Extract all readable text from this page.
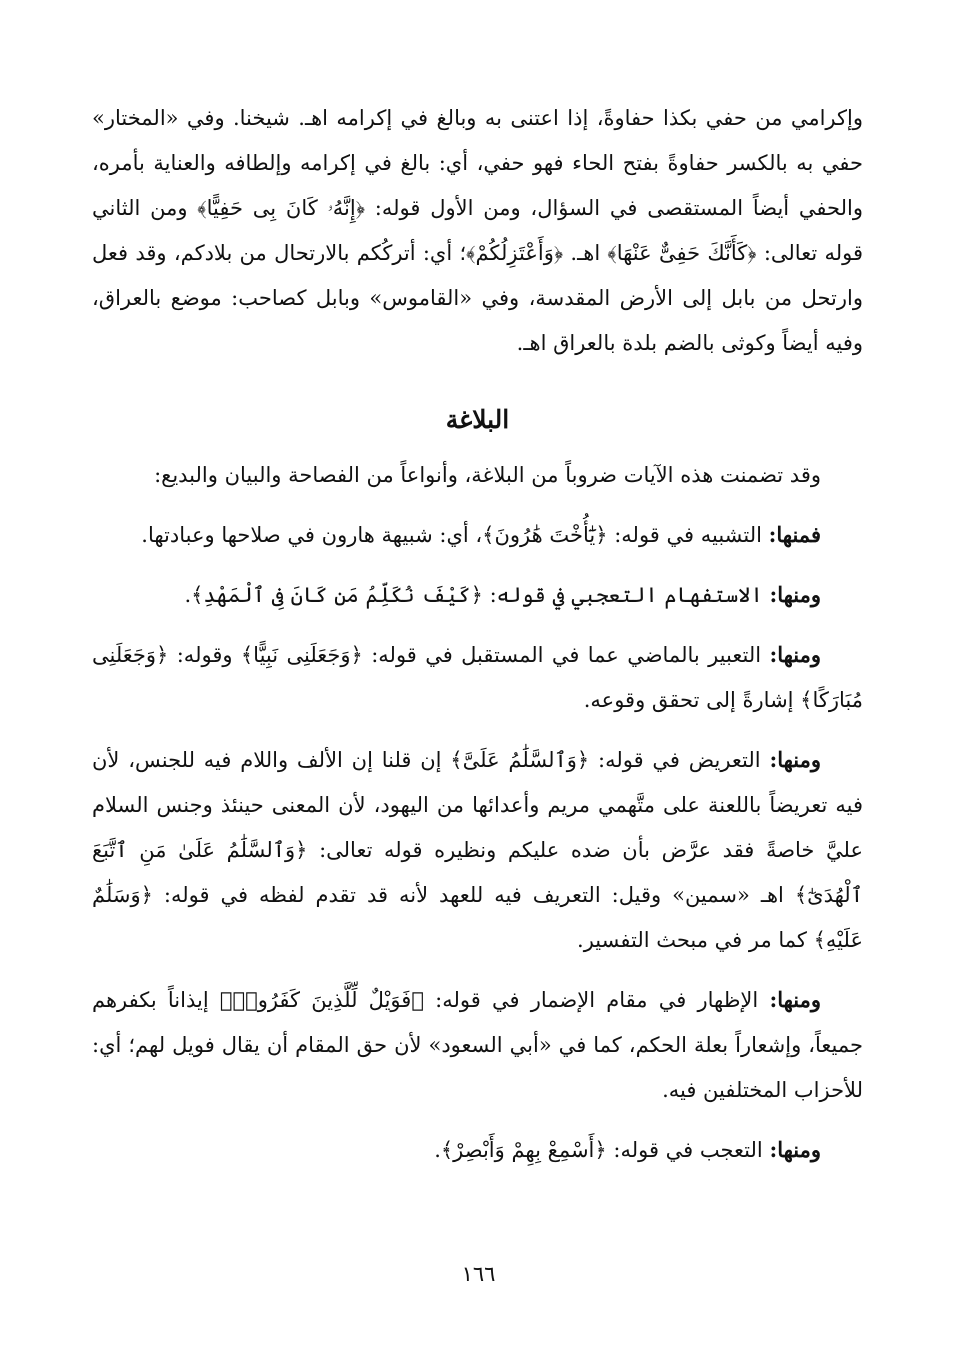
وإكرامي من حفي بكذا حفاوةً، إذا اعتنى به وبالغ في إكرامه اهـ. شيخنا. وفي «المختار» حفي به بالكسر حفاوةً بفتح الحاء فهو حفي، أي: بالغ في إكرامه وإلطافه والعناية بأمره، والحفي أيضاً المستقصى في السؤال، ومن الأول قوله: ﴿إِنَّهُۥ كَانَ بِى حَفِيًّا﴾ ومن الثاني قوله تعالى: ﴿كَأَنَّكَ حَفِىٌّ عَنْهَا﴾ اهـ. ﴿وَأَعْتَزِلُكُمْ﴾؛ أي: أتركُكم بالارتحال من بلادكم، وقد فعل وارتحل من بابل إلى الأرض المقدسة، وفي «القاموس» وبابل كصاحب: موضع بالعراق، وفيه أيضاً وكوثى بالضم بلدة بالعراق اهـ.

البلاغة

وقد تضمنت هذه الآيات ضروباً من البلاغة، وأنواعاً من الفصاحة والبيان والبديع:

فمنها: التشبيه في قوله: ﴿يَٰٓأُخْتَ هَٰرُونَ﴾، أي: شبيهة هارون في صلاحها وعبادتها.

ومنها: الاستفهام التعجبي في قوله: ﴿كَيْفَ نُكَلِّمُ مَن كَانَ فِى ٱلْمَهْدِ﴾.

ومنها: التعبير بالماضي عما في المستقبل في قوله: ﴿وَجَعَلَنِى نَبِيًّا﴾ وقوله: ﴿وَجَعَلَنِى مُبَارَكًا﴾ إشارةً إلى تحقق وقوعه.

ومنها: التعريض في قوله: ﴿وَٱلسَّلَٰمُ عَلَىَّ﴾ إن قلنا إن الألف واللام فيه للجنس، لأن فيه تعريضاً باللعنة على متَّهمي مريم وأعدائها من اليهود، لأن المعنى حينئذ وجنس السلام عليَّ خاصةً فقد عرَّض بأن ضده عليكم ونظيره قوله تعالى: ﴿وَٱلسَّلَٰمُ عَلَىٰ مَنِ ٱتَّبَعَ ٱلْهُدَىٰٓ﴾ اهـ «سمين» وقيل: التعريف فيه للعهد لأنه قد تقدم لفظه في قوله: ﴿وَسَلَٰمٌ عَلَيْهِ﴾ كما مر في مبحث التفسير.

ومنها: الإظهار في مقام الإضمار في قوله: ﴿فَوَيْلٌ لِّلَّذِينَ كَفَرُوا۟﴾ إيذاناً بكفرهم جميعاً، وإشعاراً بعلة الحكم، كما في «أبي السعود» لأن حق المقام أن يقال فويل لهم؛ أي: للأحزاب المختلفين فيه.

ومنها: التعجب في قوله: ﴿أَسْمِعْ بِهِمْ وَأَبْصِرْ﴾.

١٦٦
